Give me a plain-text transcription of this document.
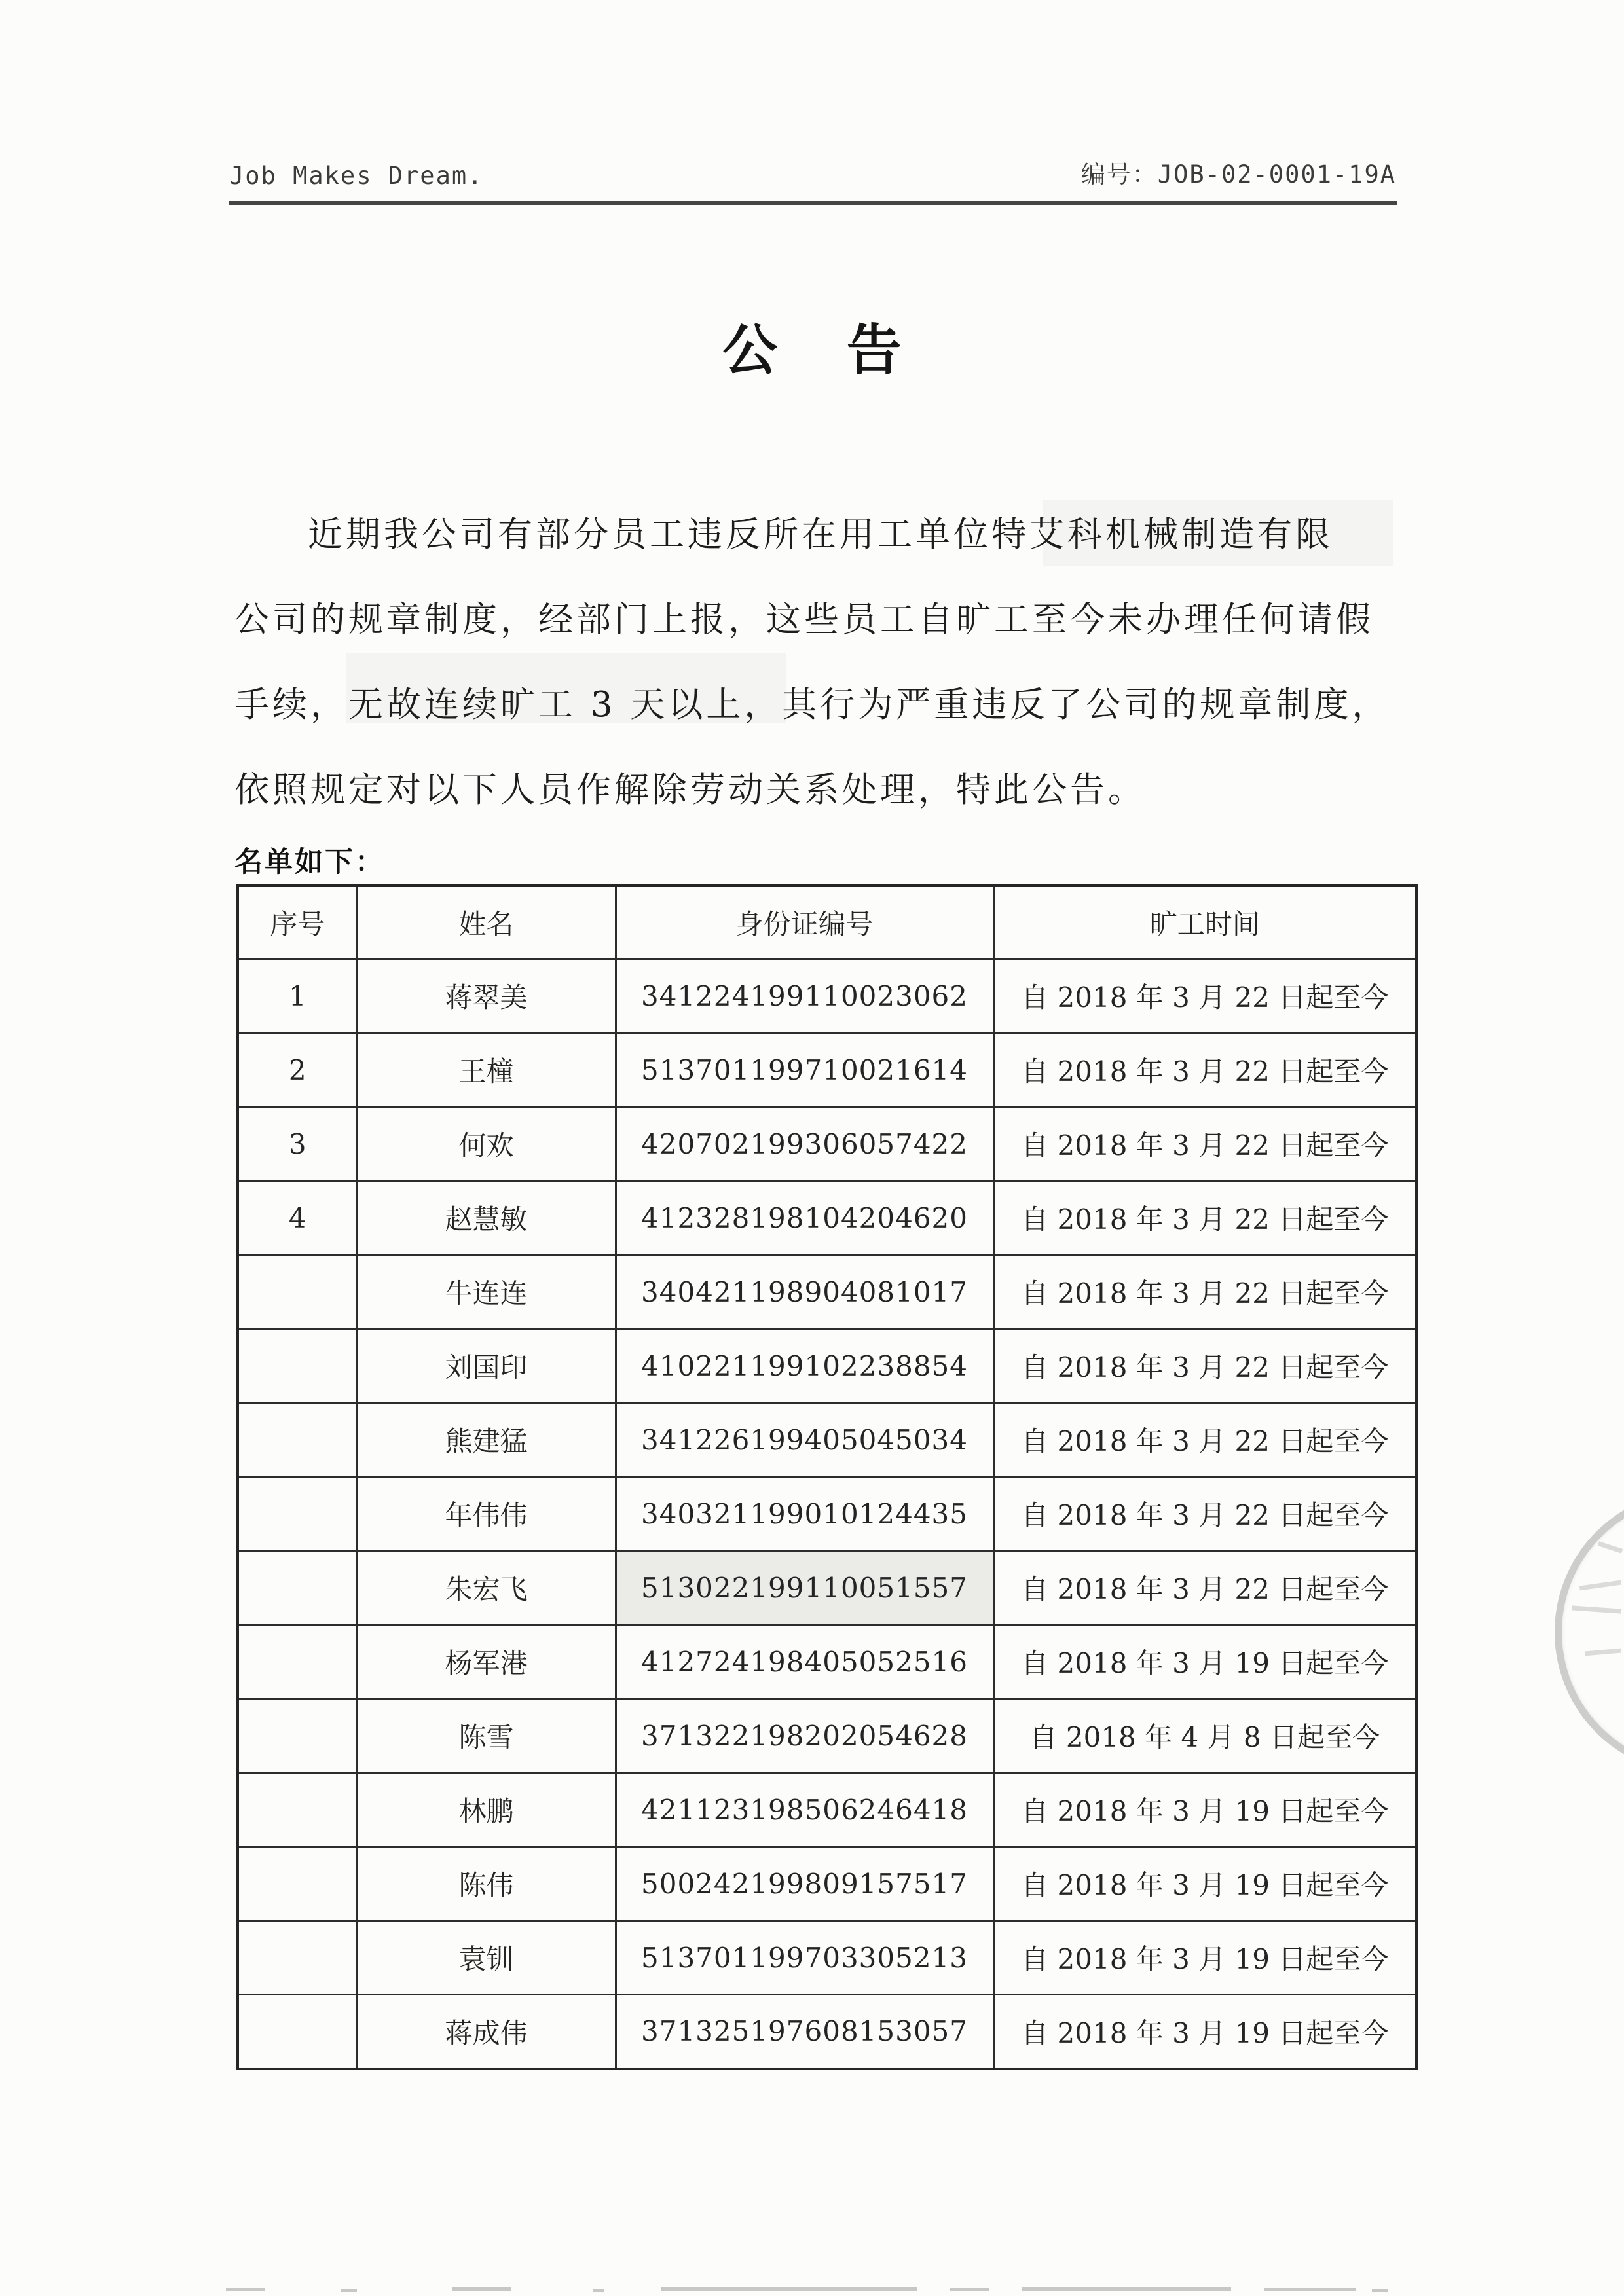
Job Makes Dream.	编号：JOB-02-0001-19A
公 告
近期我公司有部分员工违反所在用工单位特艾科机械制造有限
公司的规章制度，经部门上报，这些员工自旷工至今未办理任何请假
手续，无故连续旷工 3 天以上，其行为严重违反了公司的规章制度，
依照规定对以下人员作解除劳动关系处理，特此公告。
名单如下：
序号	姓名	身份证编号	旷工时间
1	蒋翠美	341224199110023062	自 2018 年 3 月 22 日起至今
2	王橦	513701199710021614	自 2018 年 3 月 22 日起至今
3	何欢	420702199306057422	自 2018 年 3 月 22 日起至今
4	赵慧敏	412328198104204620	自 2018 年 3 月 22 日起至今
	牛连连	340421198904081017	自 2018 年 3 月 22 日起至今
	刘国印	410221199102238854	自 2018 年 3 月 22 日起至今
	熊建猛	341226199405045034	自 2018 年 3 月 22 日起至今
	年伟伟	340321199010124435	自 2018 年 3 月 22 日起至今
	朱宏飞	513022199110051557	自 2018 年 3 月 22 日起至今
	杨军港	412724198405052516	自 2018 年 3 月 19 日起至今
	陈雪	371322198202054628	自 2018 年 4 月 8 日起至今
	林鹏	421123198506246418	自 2018 年 3 月 19 日起至今
	陈伟	500242199809157517	自 2018 年 3 月 19 日起至今
	袁钏	513701199703305213	自 2018 年 3 月 19 日起至今
	蒋成伟	371325197608153057	自 2018 年 3 月 19 日起至今
